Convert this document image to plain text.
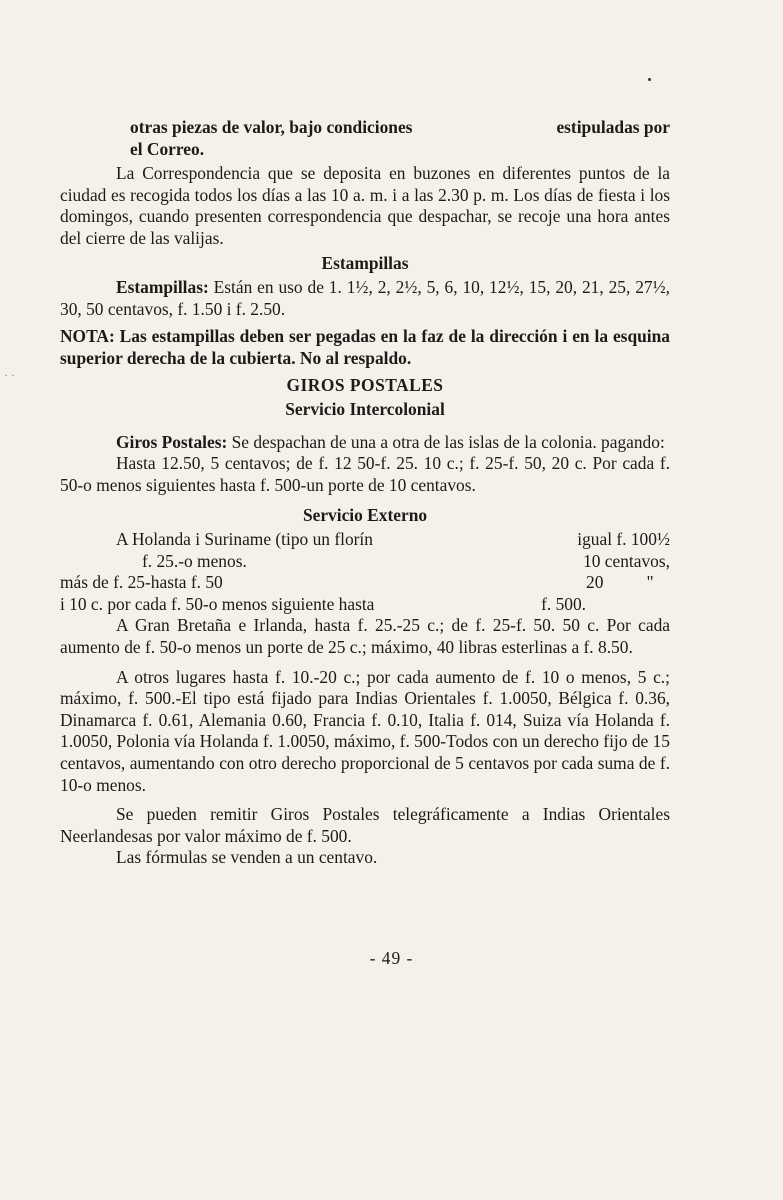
· ·
otras piezas de valor, bajo condiciones	estipuladas por

el Correo.

La Correspondencia que se deposita en buzones en diferentes puntos de la ciudad es recogida todos los días a las 10 a. m. i a las 2.30 p. m. Los días de fiesta i los domingos, cuando presenten correspondencia que despachar, se recoje una hora antes del cierre de las valijas.

Estampillas

Estampillas: Están en uso de 1. 1½, 2, 2½, 5, 6, 10, 12½, 15, 20, 21, 25, 27½, 30, 50 centavos, f. 1.50 i f. 2.50.

NOTA: Las estampillas deben ser pegadas en la faz de la dirección i en la esquina superior derecha de la cubierta. No al respaldo.

GIROS POSTALES

Servicio Intercolonial

Giros Postales: Se despachan de una a otra de las islas de la colonia. pagando:

Hasta 12.50, 5 centavos; de f. 12 50-f. 25. 10 c.; f. 25-f. 50, 20 c. Por cada f. 50-o menos siguientes hasta f. 500-un porte de 10 centavos.

Servicio Externo

A Holanda i Suriname (tipo un florín	igual f. 100½
f. 25.-o menos.	10 centavos,
más de f. 25-hasta f. 50	20 "
i 10 c. por cada f. 50-o menos siguiente hasta	f. 500.

A Gran Bretaña e Irlanda, hasta f. 25.-25 c.; de f. 25-f. 50. 50 c. Por cada aumento de f. 50-o menos un porte de 25 c.; máximo, 40 libras esterlinas a f. 8.50.

A otros lugares hasta f. 10.-20 c.; por cada aumento de f. 10 o menos, 5 c.; máximo, f. 500.-El tipo está fijado para Indias Orientales f. 1.0050, Bélgica f. 0.36, Dinamarca f. 0.61, Alemania 0.60, Francia f. 0.10, Italia f. 014, Suiza vía Holanda f. 1.0050, Polonia vía Holanda f. 1.0050, máximo, f. 500-Todos con un derecho fijo de 15 centavos, aumentando con otro derecho proporcional de 5 centavos por cada suma de f. 10-o menos.

Se pueden remitir Giros Postales telegráficamente a Indias Orientales Neerlandesas por valor máximo de f. 500.

Las fórmulas se venden a un centavo.

- 49 -
